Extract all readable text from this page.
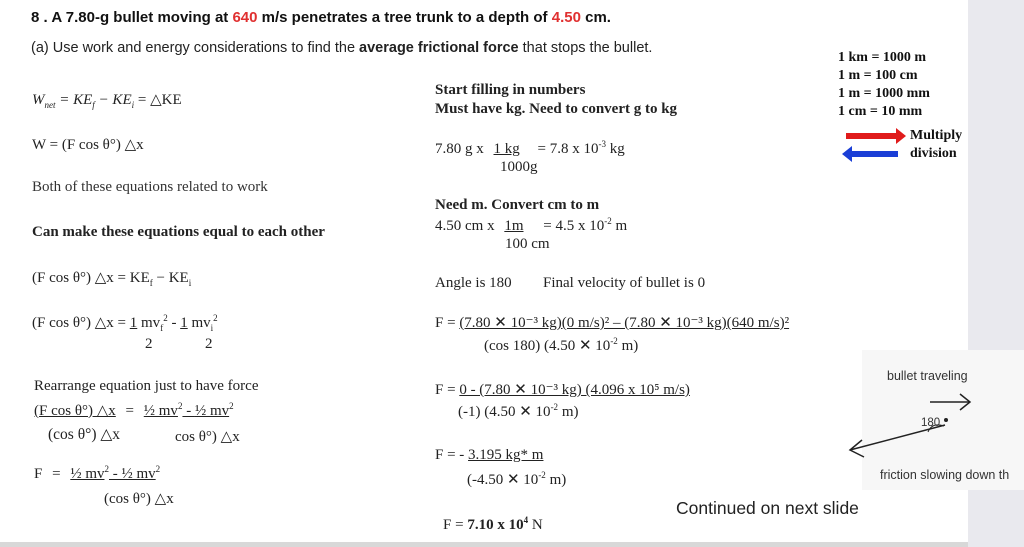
8 . A 7.80-g bullet moving at 640 m/s penetrates a tree trunk to a depth of 4.50 cm.
(a) Use work and energy considerations to find the average frictional force that stops the bullet.
$W_{net} = KE_f - KE_i$ = △KE
W = (F cos θ°) △x
Both of these equations related to work
Can make these equations equal to each other
(F cos θ°) △x = $KE_f - KE_i$
(F cos θ°) △x = 1 $mv_f^2 - 1$ $mv_i^2$
2	2
Rearrange equation just to have force
(F cos θ°) △x = ½ $mv^2$ - ½ $mv^2$
(cos θ°) △x	cos θ°) △x
F = ½ $mv^2$ - ½ $mv^2$
(cos θ°) △x
Start filling in numbers
Must have kg. Need to convert g to kg
7.80 g x 1 kg = 7.8 x $10^{-3}$ kg
1000g
Need m. Convert cm to m
4.50 cm x 1m = 4.5 x $10^{-2}$ m
100 cm
Angle is 180 Final velocity of bullet is 0
F = (7.80 ✕ 10⁻³ kg)(0 m/s)² – (7.80 ✕ 10⁻³ kg)(640 m/s)²
(cos 180) (4.50 ✕ $10^{-2}$ m)
F = 0 - (7.80 ✕ 10⁻³ kg) (4.096 x 10⁵ m/s)
(-1) (4.50 ✕ $10^{-2}$ m)
F = - 3.195 kg* m
(-4.50 ✕ $10^{-2}$ m)
F = 7.10 x $10^4$ N
1 km = 1000 m
1 m = 100 cm
1 m = 1000 mm
1 cm = 10 mm
Multiply
division
bullet traveling
180
friction slowing down th
Continued on next slide
